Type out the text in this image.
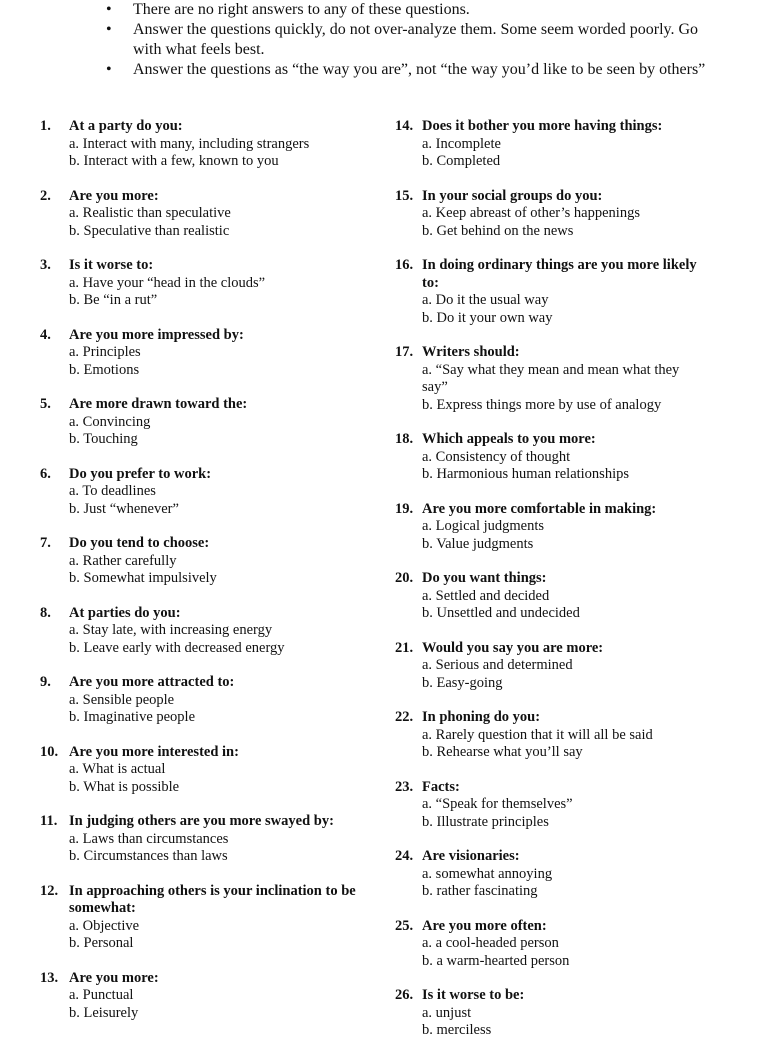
• There are no right answers to any of these questions.
• Answer the questions quickly, do not over-analyze them. Some seem worded poorly. Go with what feels best.
• Answer the questions as “the way you are”, not “the way you’d like to be seen by others”
1. At a party do you:
a. Interact with many, including strangers
b. Interact with a few, known to you
2. Are you more:
a. Realistic than speculative
b. Speculative than realistic
3. Is it worse to:
a. Have your “head in the clouds”
b. Be “in a rut”
4. Are you more impressed by:
a. Principles
b. Emotions
5. Are more drawn toward the:
a. Convincing
b. Touching
6. Do you prefer to work:
a. To deadlines
b. Just “whenever”
7. Do you tend to choose:
a. Rather carefully
b. Somewhat impulsively
8. At parties do you:
a. Stay late, with increasing energy
b. Leave early with decreased energy
9. Are you more attracted to:
a. Sensible people
b. Imaginative people
10. Are you more interested in:
a. What is actual
b. What is possible
11. In judging others are you more swayed by:
a. Laws than circumstances
b. Circumstances than laws
12. In approaching others is your inclination to be somewhat:
a. Objective
b. Personal
13. Are you more:
a. Punctual
b. Leisurely
14. Does it bother you more having things:
a. Incomplete
b. Completed
15. In your social groups do you:
a. Keep abreast of other’s happenings
b. Get behind on the news
16. In doing ordinary things are you more likely to:
a. Do it the usual way
b. Do it your own way
17. Writers should:
a. “Say what they mean and mean what they say”
b. Express things more by use of analogy
18. Which appeals to you more:
a. Consistency of thought
b. Harmonious human relationships
19. Are you more comfortable in making:
a. Logical judgments
b. Value judgments
20. Do you want things:
a. Settled and decided
b. Unsettled and undecided
21. Would you say you are more:
a. Serious and determined
b. Easy-going
22. In phoning do you:
a. Rarely question that it will all be said
b. Rehearse what you’ll say
23. Facts:
a. “Speak for themselves”
b. Illustrate principles
24. Are visionaries:
a. somewhat annoying
b. rather fascinating
25. Are you more often:
a. a cool-headed person
b. a warm-hearted person
26. Is it worse to be:
a. unjust
b. merciless
